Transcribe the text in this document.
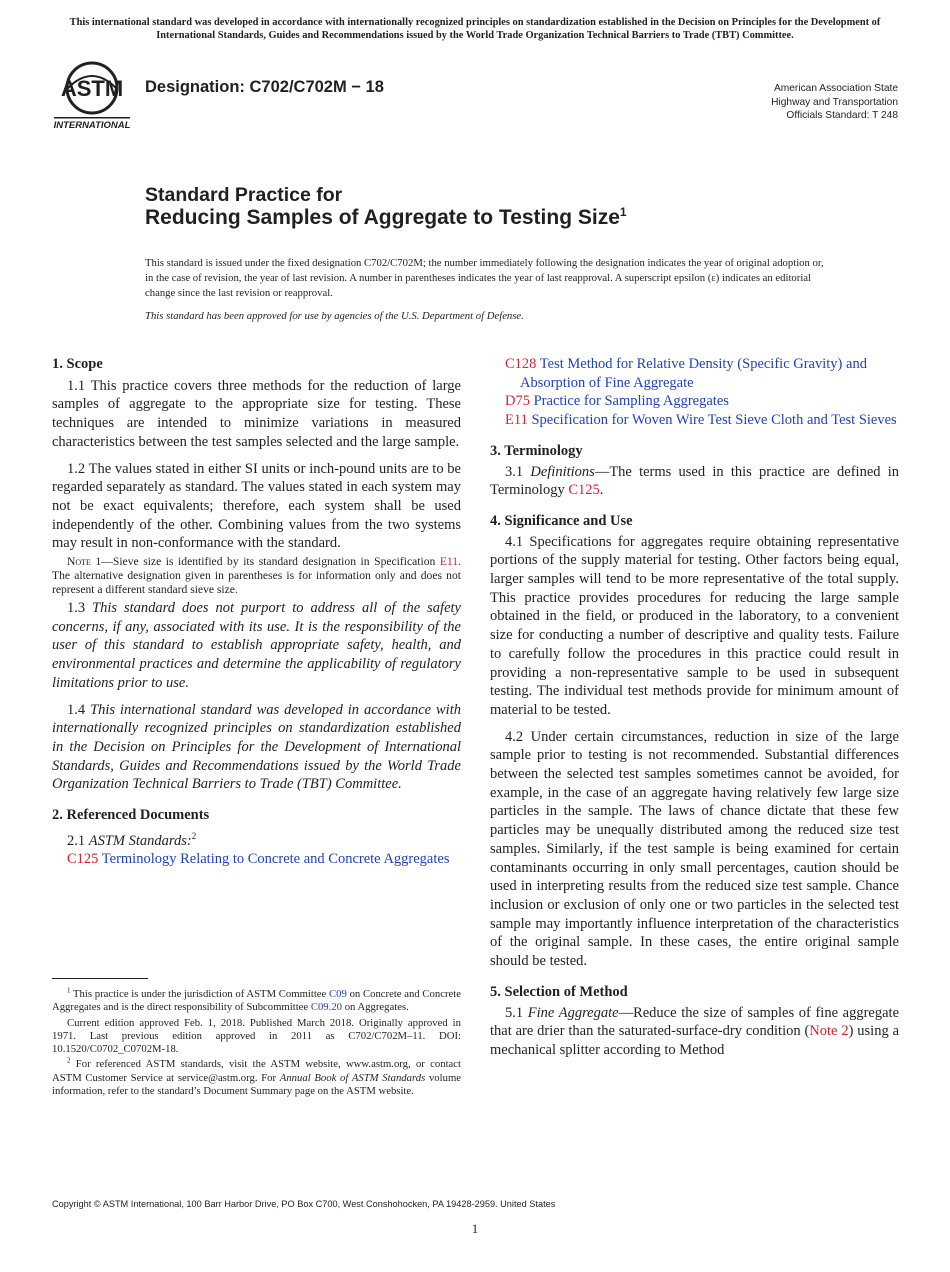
This international standard was developed in accordance with internationally recognized principles on standardization established in the Decision on Principles for the Development of International Standards, Guides and Recommendations issued by the World Trade Organization Technical Barriers to Trade (TBT) Committee.
ASTM
INTERNATIONAL
Designation: C702/C702M − 18	American Association State
Highway and Transportation
Officials Standard: T 248
Standard Practice for
Reducing Samples of Aggregate to Testing Size$^1$
This standard is issued under the fixed designation C702/C702M; the number immediately following the designation indicates the year of original adoption or, in the case of revision, the year of last revision. A number in parentheses indicates the year of last reapproval. A superscript epsilon (ε) indicates an editorial change since the last revision or reapproval.
This standard has been approved for use by agencies of the U.S. Department of Defense.
1. Scope

1.1 This practice covers three methods for the reduction of large samples of aggregate to the appropriate size for testing. These techniques are intended to minimize variations in measured characteristics between the test samples selected and the large sample.

1.2 The values stated in either SI units or inch-pound units are to be regarded separately as standard. The values stated in each system may not be exact equivalents; therefore, each system shall be used independently of the other. Combining values from the two systems may result in non-conformance with the standard.

Note 1—Sieve size is identified by its standard designation in Specification E11. The alternative designation given in parentheses is for information only and does not represent a different standard sieve size.

1.3 This standard does not purport to address all of the safety concerns, if any, associated with its use. It is the responsibility of the user of this standard to establish appropriate safety, health, and environmental practices and determine the applicability of regulatory limitations prior to use.

1.4 This international standard was developed in accordance with internationally recognized principles on standardization established in the Decision on Principles for the Development of International Standards, Guides and Recommendations issued by the World Trade Organization Technical Barriers to Trade (TBT) Committee.

2. Referenced Documents

2.1 ASTM Standards:$^2$

C125 Terminology Relating to Concrete and Concrete Aggregates

$^1$ This practice is under the jurisdiction of ASTM Committee C09 on Concrete and Concrete Aggregates and is the direct responsibility of Subcommittee C09.20 on Aggregates.

Current edition approved Feb. 1, 2018. Published March 2018. Originally approved in 1971. Last previous edition approved in 2011 as C702/C702M–11. DOI: 10.1520/C0702_C0702M-18.

$^2$ For referenced ASTM standards, visit the ASTM website, www.astm.org, or contact ASTM Customer Service at service@astm.org. For Annual Book of ASTM Standards volume information, refer to the standard’s Document Summary page on the ASTM website.

C128 Test Method for Relative Density (Specific Gravity) and Absorption of Fine Aggregate

D75 Practice for Sampling Aggregates

E11 Specification for Woven Wire Test Sieve Cloth and Test Sieves

3. Terminology

3.1 Definitions—The terms used in this practice are defined in Terminology C125.

4. Significance and Use

4.1 Specifications for aggregates require obtaining representative portions of the supply material for testing. Other factors being equal, larger samples will tend to be more representative of the total supply. This practice provides procedures for reducing the large sample obtained in the field, or produced in the laboratory, to a convenient size for conducting a number of descriptive and quality tests. Failure to carefully follow the procedures in this practice could result in providing a non-representative sample to be used in subsequent testing. The individual test methods provide for minimum amount of material to be tested.

4.2 Under certain circumstances, reduction in size of the large sample prior to testing is not recommended. Substantial differences between the selected test samples sometimes cannot be avoided, for example, in the case of an aggregate having relatively few large size particles in the sample. The laws of chance dictate that these few particles may be unequally distributed among the reduced size test samples. Similarly, if the test sample is being examined for certain contaminants occurring in only small percentages, caution should be used in interpreting results from the reduced size test sample. Chance inclusion or exclusion of only one or two particles in the selected test sample may importantly influence interpretation of the characteristics of the original sample. In these cases, the entire original sample should be tested.

5. Selection of Method

5.1 Fine Aggregate—Reduce the size of samples of fine aggregate that are drier than the saturated-surface-dry condition (Note 2) using a mechanical splitter according to Method

Copyright © ASTM International, 100 Barr Harbor Drive, PO Box C700, West Conshohocken, PA 19428-2959. United States
1
